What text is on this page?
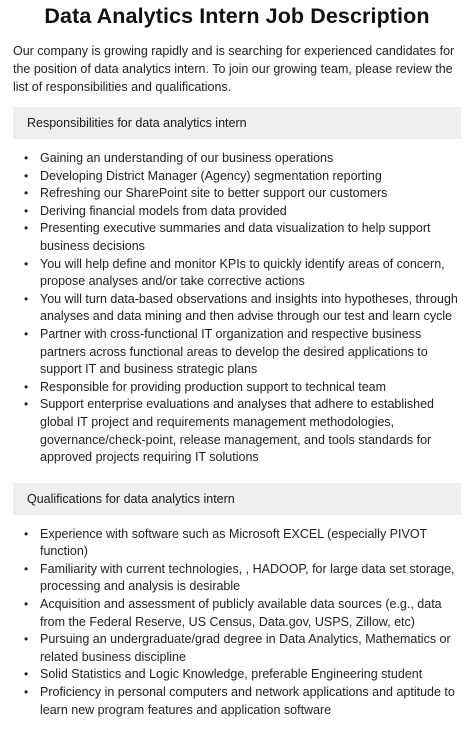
Data Analytics Intern Job Description

Our company is growing rapidly and is searching for experienced candidates for the position of data analytics intern. To join our growing team, please review the list of responsibilities and qualifications.

Responsibilities for data analytics intern
• Gaining an understanding of our business operations
• Developing District Manager (Agency) segmentation reporting
• Refreshing our SharePoint site to better support our customers
• Deriving financial models from data provided
• Presenting executive summaries and data visualization to help support business decisions
• You will help define and monitor KPIs to quickly identify areas of concern, propose analyses and/or take corrective actions
• You will turn data-based observations and insights into hypotheses, through analyses and data mining and then advise through our test and learn cycle
• Partner with cross-functional IT organization and respective business partners across functional areas to develop the desired applications to support IT and business strategic plans
• Responsible for providing production support to technical team
• Support enterprise evaluations and analyses that adhere to established global IT project and requirements management methodologies, governance/check-point, release management, and tools standards for approved projects requiring IT solutions
Qualifications for data analytics intern
• Experience with software such as Microsoft EXCEL (especially PIVOT function)
• Familiarity with current technologies, , HADOOP, for large data set storage, processing and analysis is desirable
• Acquisition and assessment of publicly available data sources (e.g., data from the Federal Reserve, US Census, Data.gov, USPS, Zillow, etc)
• Pursuing an undergraduate/grad degree in Data Analytics, Mathematics or related business discipline
• Solid Statistics and Logic Knowledge, preferable Engineering student
• Proficiency in personal computers and network applications and aptitude to learn new program features and application software
